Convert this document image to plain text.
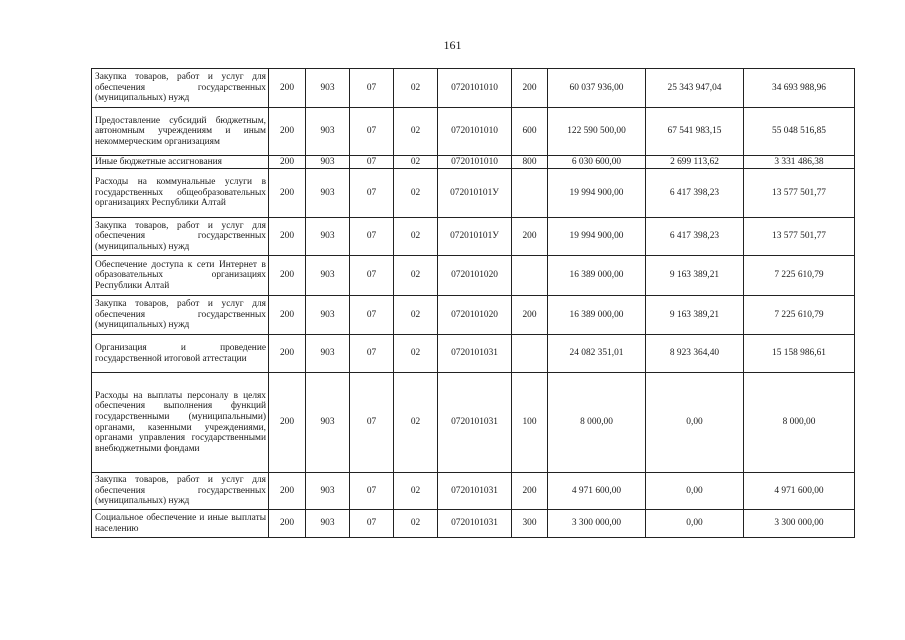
161
Закупка товаров, работ и услуг для обеспечения государственных (муниципальных) нужд	200	903	07	02	0720101010	200	60 037 936,00	25 343 947,04	34 693 988,96
Предоставление субсидий бюджетным, автономным учреждениям и иным некоммерческим организациям	200	903	07	02	0720101010	600	122 590 500,00	67 541 983,15	55 048 516,85
Иные бюджетные ассигнования	200	903	07	02	0720101010	800	6 030 600,00	2 699 113,62	3 331 486,38
Расходы на коммунальные услуги в государственных общеобразовательных организациях Республики Алтай	200	903	07	02	072010101У		19 994 900,00	6 417 398,23	13 577 501,77
Закупка товаров, работ и услуг для обеспечения государственных (муниципальных) нужд	200	903	07	02	072010101У	200	19 994 900,00	6 417 398,23	13 577 501,77
Обеспечение доступа к сети Интернет в образовательных организациях Республики Алтай	200	903	07	02	0720101020		16 389 000,00	9 163 389,21	7 225 610,79
Закупка товаров, работ и услуг для обеспечения государственных (муниципальных) нужд	200	903	07	02	0720101020	200	16 389 000,00	9 163 389,21	7 225 610,79
Организация и проведение государственной итоговой аттестации	200	903	07	02	0720101031		24 082 351,01	8 923 364,40	15 158 986,61
Расходы на выплаты персоналу в целях обеспечения выполнения функций государственными (муниципальными) органами, казенными учреждениями, органами управления государственными внебюджетными фондами	200	903	07	02	0720101031	100	8 000,00	0,00	8 000,00
Закупка товаров, работ и услуг для обеспечения государственных (муниципальных) нужд	200	903	07	02	0720101031	200	4 971 600,00	0,00	4 971 600,00
Социальное обеспечение и иные выплаты населению	200	903	07	02	0720101031	300	3 300 000,00	0,00	3 300 000,00
